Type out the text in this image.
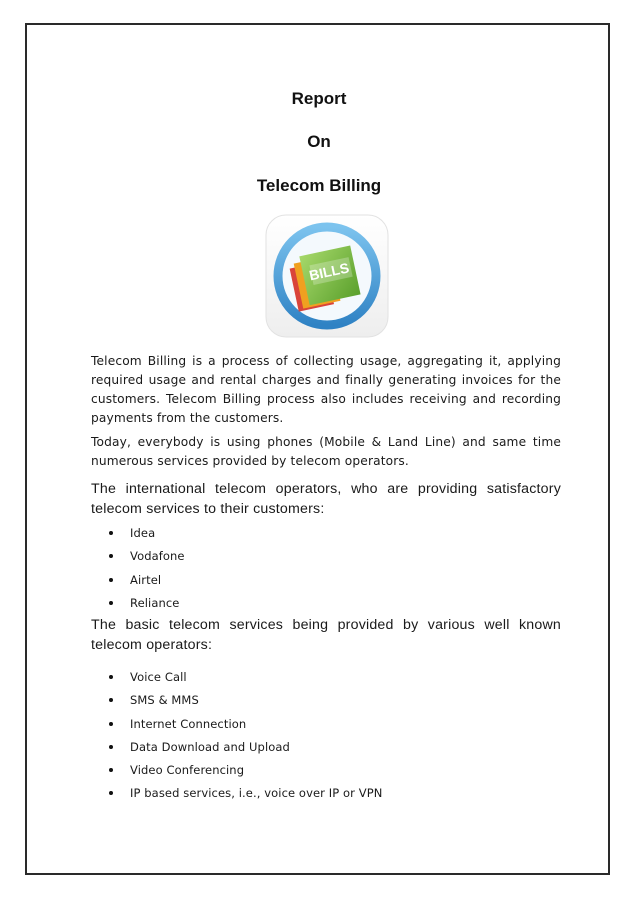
Report
On
Telecom Billing
BILLS

Telecom Billing is a process of collecting usage, aggregating it, applying required usage and rental charges and finally generating invoices for the customers. Telecom Billing process also includes receiving and recording payments from the customers.

Today, everybody is using phones (Mobile & Land Line) and same time numerous services provided by telecom operators.

The international telecom operators, who are providing satisfactory telecom services to their customers:

Idea
Vodafone
Airtel
Reliance

The basic telecom services being provided by various well known telecom operators:

Voice Call
SMS & MMS
Internet Connection
Data Download and Upload
Video Conferencing
IP based services, i.e., voice over IP or VPN
